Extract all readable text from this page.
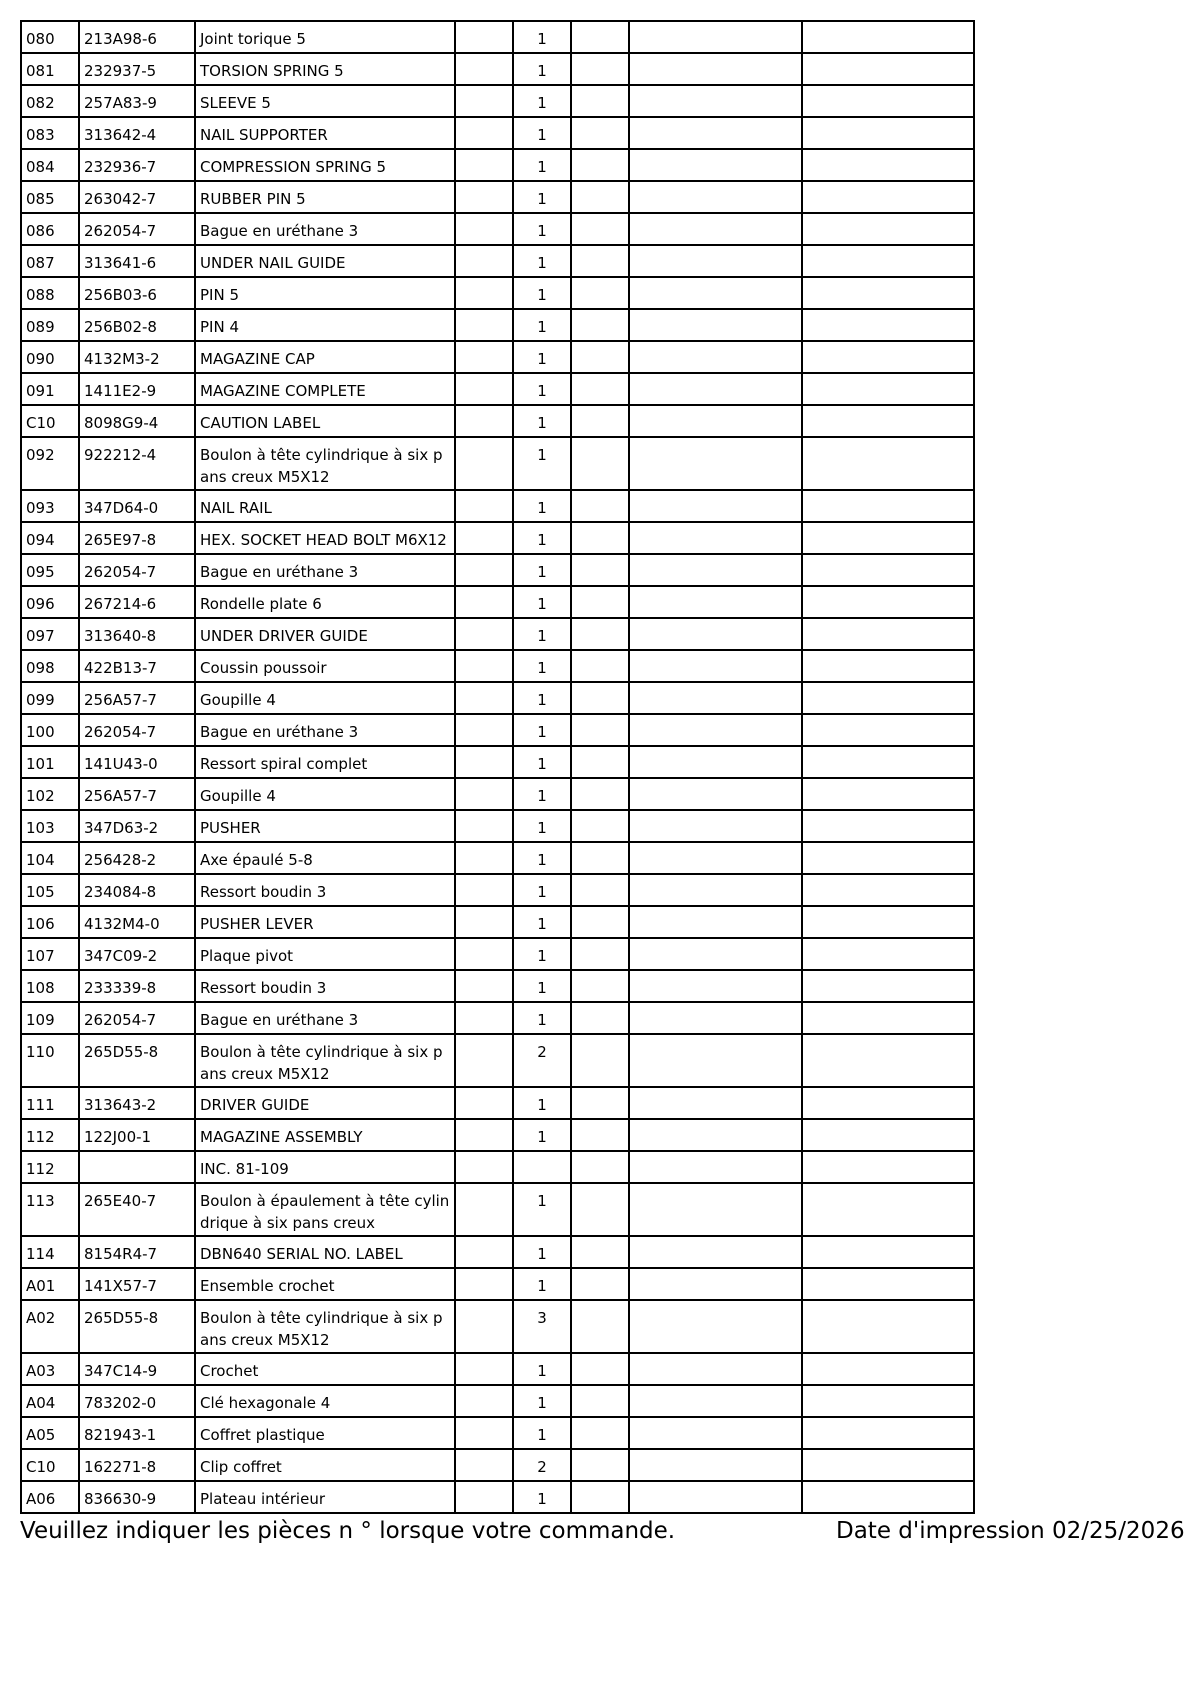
080	213A98-6	Joint torique 5		1			
081	232937-5	TORSION SPRING 5		1			
082	257A83-9	SLEEVE 5		1			
083	313642-4	NAIL SUPPORTER		1			
084	232936-7	COMPRESSION SPRING 5		1			
085	263042-7	RUBBER PIN 5		1			
086	262054-7	Bague en uréthane 3		1			
087	313641-6	UNDER NAIL GUIDE		1			
088	256B03-6	PIN 5		1			
089	256B02-8	PIN 4		1			
090	4132M3-2	MAGAZINE CAP		1			
091	1411E2-9	MAGAZINE COMPLETE		1			
C10	8098G9-4	CAUTION LABEL		1			
092	922212-4	Boulon à tête cylindrique à six pans creux M5X12		1			
093	347D64-0	NAIL RAIL		1			
094	265E97-8	HEX. SOCKET HEAD BOLT M6X12		1			
095	262054-7	Bague en uréthane 3		1			
096	267214-6	Rondelle plate 6		1			
097	313640-8	UNDER DRIVER GUIDE		1			
098	422B13-7	Coussin poussoir		1			
099	256A57-7	Goupille 4		1			
100	262054-7	Bague en uréthane 3		1			
101	141U43-0	Ressort spiral complet		1			
102	256A57-7	Goupille 4		1			
103	347D63-2	PUSHER		1			
104	256428-2	Axe épaulé 5-8		1			
105	234084-8	Ressort boudin 3		1			
106	4132M4-0	PUSHER LEVER		1			
107	347C09-2	Plaque pivot		1			
108	233339-8	Ressort boudin 3		1			
109	262054-7	Bague en uréthane 3		1			
110	265D55-8	Boulon à tête cylindrique à six pans creux M5X12		2			
111	313643-2	DRIVER GUIDE		1			
112	122J00-1	MAGAZINE ASSEMBLY		1			
112		INC. 81-109					
113	265E40-7	Boulon à épaulement à tête cylindrique à six pans creux		1			
114	8154R4-7	DBN640 SERIAL NO. LABEL		1			
A01	141X57-7	Ensemble crochet		1			
A02	265D55-8	Boulon à tête cylindrique à six pans creux M5X12		3			
A03	347C14-9	Crochet		1			
A04	783202-0	Clé hexagonale 4		1			
A05	821943-1	Coffret plastique		1			
C10	162271-8	Clip coffret		2			
A06	836630-9	Plateau intérieur		1			
Veuillez indiquer les pièces n ° lorsque votre commande.	Date d'impression 02/25/2026
